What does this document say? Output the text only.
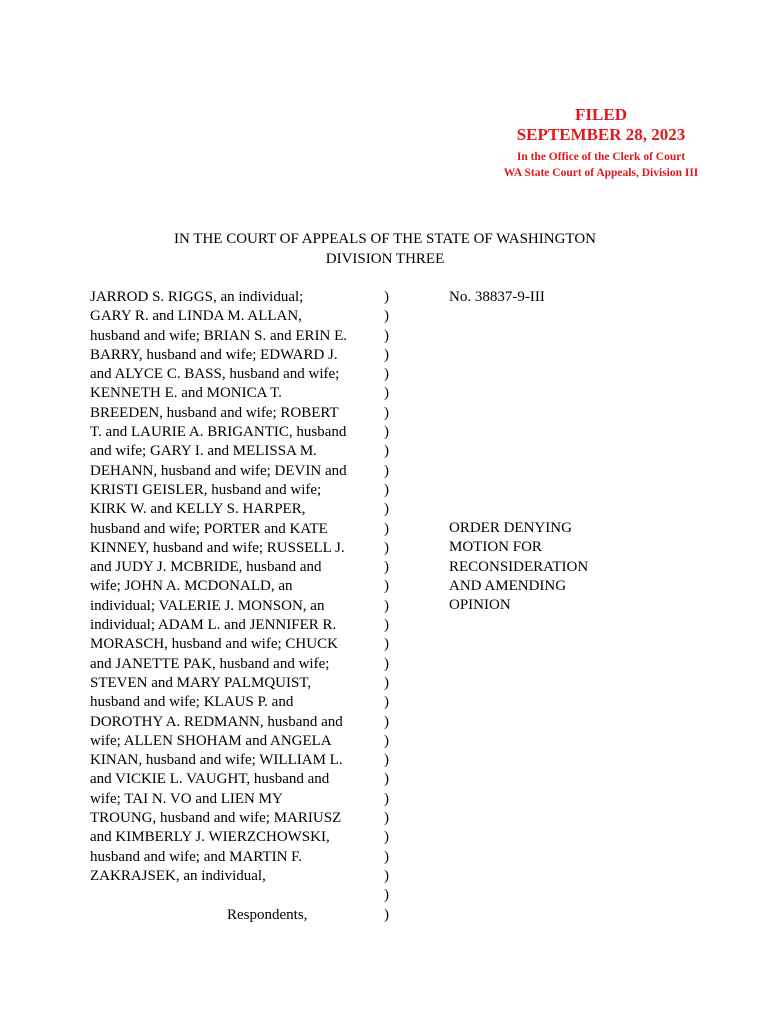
FILED
SEPTEMBER 28, 2023
In the Office of the Clerk of Court
WA State Court of Appeals, Division III
IN THE COURT OF APPEALS OF THE STATE OF WASHINGTON
DIVISION THREE
JARROD S. RIGGS, an individual;
GARY R. and LINDA M. ALLAN,
husband and wife; BRIAN S. and ERIN E.
BARRY, husband and wife; EDWARD J.
and ALYCE C. BASS, husband and wife;
KENNETH E. and MONICA T.
BREEDEN, husband and wife; ROBERT
T. and LAURIE A. BRIGANTIC, husband
and wife; GARY I. and MELISSA M.
DEHANN, husband and wife; DEVIN and
KRISTI GEISLER, husband and wife;
KIRK W. and KELLY S. HARPER,
husband and wife; PORTER and KATE
KINNEY, husband and wife; RUSSELL J.
and JUDY J. MCBRIDE, husband and
wife; JOHN A. MCDONALD, an
individual; VALERIE J. MONSON, an
individual; ADAM L. and JENNIFER R.
MORASCH, husband and wife; CHUCK
and JANETTE PAK, husband and wife;
STEVEN and MARY PALMQUIST,
husband and wife; KLAUS P. and
DOROTHY A. REDMANN, husband and
wife; ALLEN SHOHAM and ANGELA
KINAN, husband and wife; WILLIAM L.
and VICKIE L. VAUGHT, husband and
wife; TAI N. VO and LIEN MY
TROUNG, husband and wife; MARIUSZ
and KIMBERLY J. WIERZCHOWSKI,
husband and wife; and MARTIN F.
ZAKRAJSEK, an individual,
Respondents,
)
)
)
)
)
)
)
)
)
)
)
)
)
)
)
)
)
)
)
)
)
)
)
)
)
)
)
)
)
)
)
)
)
No. 38837-9-III
ORDER DENYING
MOTION FOR
RECONSIDERATION
AND AMENDING
OPINION
